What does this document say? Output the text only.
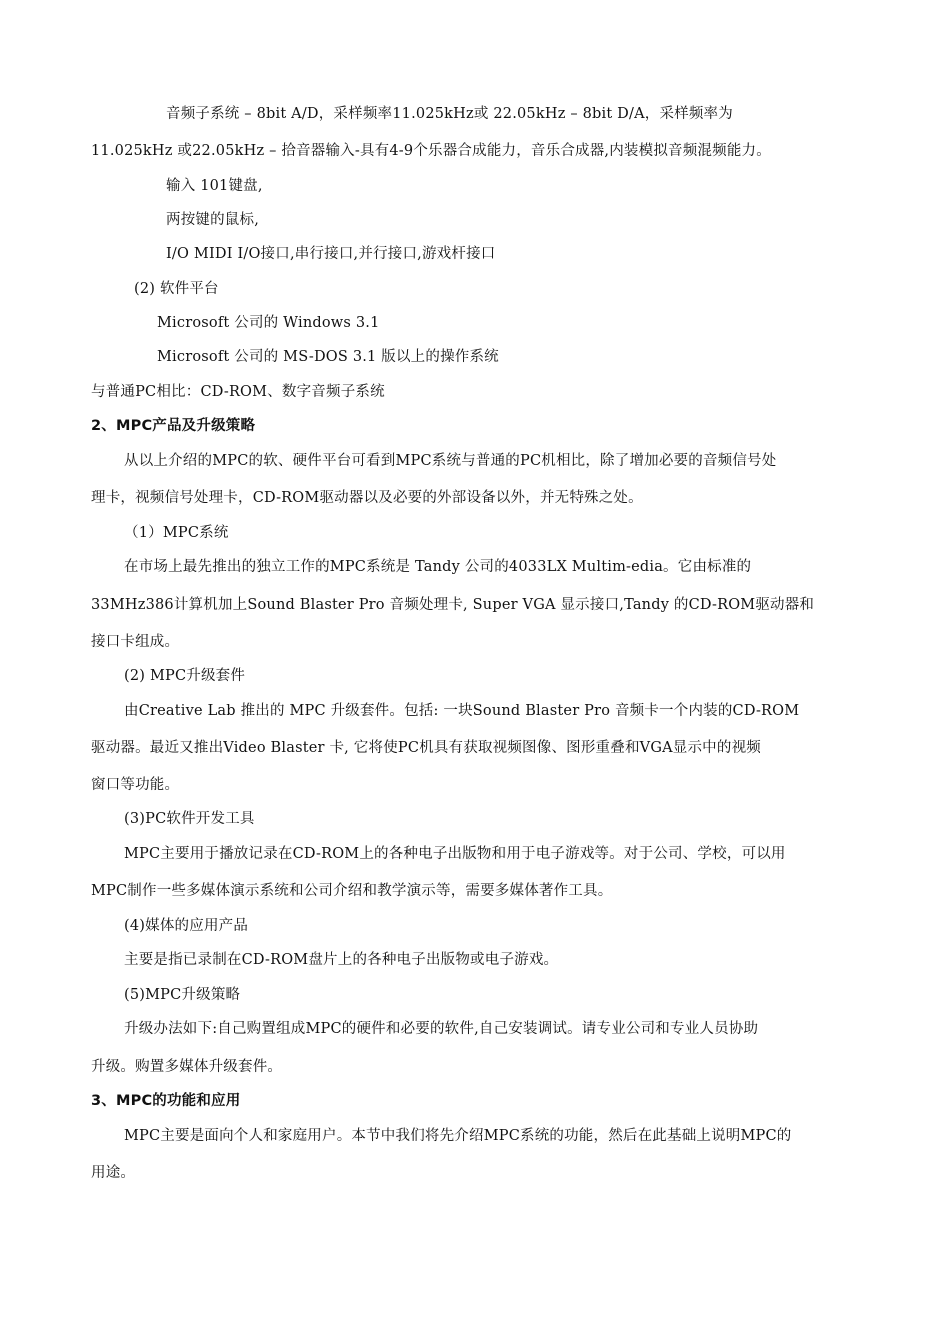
音频子系统 – 8bit A/D，采样频率11.025kHz或 22.05kHz – 8bit D/A，采样频率为
11.025kHz 或22.05kHz – 拾音器输入-具有4-9个乐器合成能力，音乐合成器,内装模拟音频混频能力。
输入 101键盘,
两按键的鼠标,
I/O MIDI I/O接口,串行接口,并行接口,游戏杆接口
(2) 软件平台
Microsoft 公司的 Windows 3.1
Microsoft 公司的 MS-DOS 3.1 版以上的操作系统
与普通PC相比：CD-ROM、数字音频子系统
2、MPC产品及升级策略
从以上介绍的MPC的软、硬件平台可看到MPC系统与普通的PC机相比，除了增加必要的音频信号处
理卡，视频信号处理卡，CD-ROM驱动器以及必要的外部设备以外，并无特殊之处。
（1）MPC系统
在市场上最先推出的独立工作的MPC系统是 Tandy 公司的4033LX Multim-edia。它由标准的
33MHz386计算机加上Sound Blaster Pro 音频处理卡, Super VGA 显示接口,Tandy 的CD-ROM驱动器和
接口卡组成。
(2) MPC升级套件
由Creative Lab 推出的 MPC 升级套件。包括: 一块Sound Blaster Pro 音频卡一个内装的CD-ROM
驱动器。最近又推出Video Blaster 卡, 它将使PC机具有获取视频图像、图形重叠和VGA显示中的视频
窗口等功能。
(3)PC软件开发工具
MPC主要用于播放记录在CD-ROM上的各种电子出版物和用于电子游戏等。对于公司、学校，可以用
MPC制作一些多媒体演示系统和公司介绍和教学演示等，需要多媒体著作工具。
(4)媒体的应用产品
主要是指已录制在CD-ROM盘片上的各种电子出版物或电子游戏。
(5)MPC升级策略
升级办法如下:自己购置组成MPC的硬件和必要的软件,自己安装调试。请专业公司和专业人员协助
升级。购置多媒体升级套件。
3、MPC的功能和应用
MPC主要是面向个人和家庭用户。本节中我们将先介绍MPC系统的功能，然后在此基础上说明MPC的
用途。
